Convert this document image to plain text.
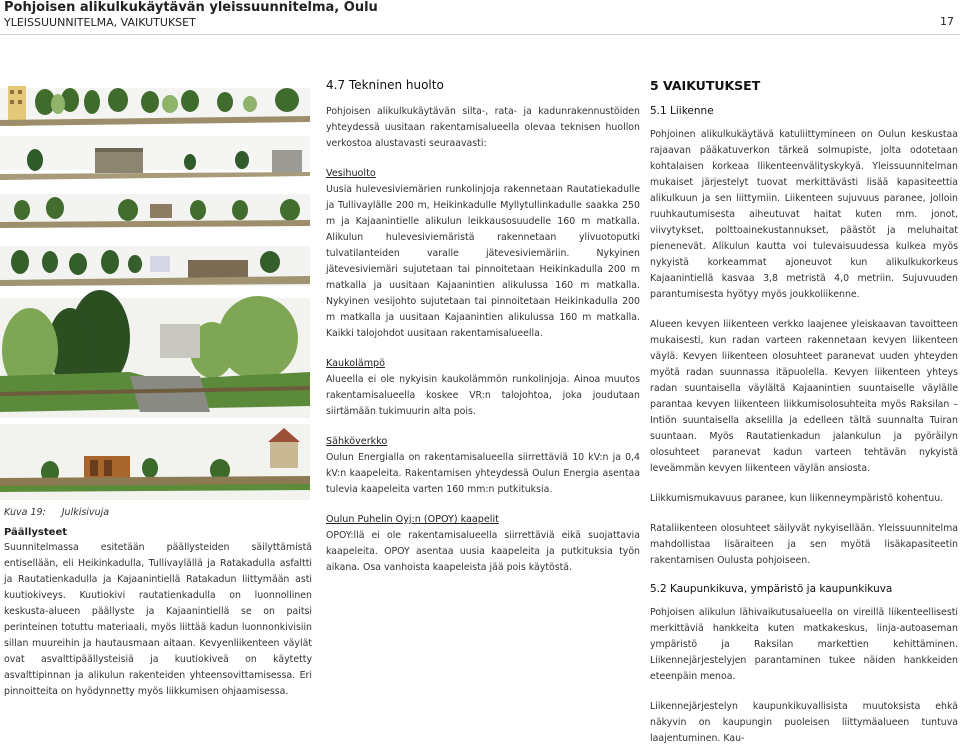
Pohjoisen alikulkukäytävän yleissuunnitelma, Oulu
YLEISSUUNNITELMA, VAIKUTUKSET	17
Kuva 19: Julkisivuja
Päällysteet

Suunnitelmassa esitetään päällysteiden säilyttämistä entisellään, eli Heikinkadulla, Tullivaylällä ja Ratakadulla asfaltti ja Rautatienkadulla ja Kajaanintiellä Ratakadun liittymään asti kuutiokiveys. Kuutiokivi rautatienkadulla on luonnollinen keskusta-alueen päällyste ja Kajaanintiellä se on paitsi perinteinen totuttu materiaali, myös liittää kadun luonnonkivisiin sillan muureihin ja hautausmaan aitaan. Kevyenliikenteen väylät ovat asvalttipäällysteisiä ja kuutiokiveä on käytetty asvalttipinnan ja alikulun rakenteiden yhteensovittamisessa. Eri pinnoitteita on hyödynnetty myös liikkumisen ohjaamisessa.

4.7 Tekninen huolto

Pohjoisen alikulkukäytävän silta-, rata- ja kadunrakennustöiden yhteydessä uusitaan rakentamisalueella olevaa teknisen huollon verkostoa alustavasti seuraavasti:

Vesihuolto

Uusia hulevesiviemärien runkolinjoja rakennetaan Rautatiekadulle ja Tullivaylälle 200 m, Heikinkadulle Myllytullinkadulle saakka 250 m ja Kajaanintielle alikulun leikkausosuudelle 160 m matkalla. Alikulun hulevesiviemäristä rakennetaan ylivuotoputki tulvatilanteiden varalle jätevesiviemäriin. Nykyinen jätevesiviemäri sujutetaan tai pinnoitetaan Heikinkadulla 200 m matkalla ja uusitaan Kajaanintien alikulussa 160 m matkalla. Nykyinen vesijohto sujutetaan tai pinnoitetaan Heikinkadulla 200 m matkalla ja uusitaan Kajaanintien alikulussa 160 m matkalla. Kaikki talojohdot uusitaan rakentamisalueella.

Kaukolämpö

Alueella ei ole nykyisin kaukolämmön runkolinjoja. Ainoa muutos rakentamisalueella koskee VR:n talojohtoa, joka joudutaan siirtämään tukimuurin alta pois.

Sähköverkko

Oulun Energialla on rakentamisalueella siirrettäviä 10 kV:n ja 0,4 kV:n kaapeleita. Rakentamisen yhteydessä Oulun Energia asentaa tulevia kaapeleita varten 160 mm:n putkituksia.

Oulun Puhelin Oyj:n (OPOY) kaapelit

OPOY:llä ei ole rakentamisalueella siirrettäviä eikä suojattavia kaapeleita. OPOY asentaa uusia kaapeleita ja putkituksia työn aikana. Osa vanhoista kaapeleista jää pois käytöstä.

5 VAIKUTUKSET
5.1 Liikenne

Pohjoinen alikulkukäytävä katuliittymineen on Oulun keskustaa rajaavan pääkatuverkon tärkeä solmupiste, jolta odotetaan kohtalaisen korkeaa liikenteenvälityskykyä. Yleissuunnitelman mukaiset järjestelyt tuovat merkittävästi lisää kapasiteettia alikulkuun ja sen liittymiin. Liikenteen sujuvuus paranee, jolloin ruuhkautumisesta aiheutuvat haitat kuten mm. jonot, viivytykset, polttoainekustannukset, päästöt ja meluhaitat pienenevät. Alikulun kautta voi tulevaisuudessa kulkea myös nykyistä korkeammat ajoneuvot kun alikulkukorkeus Kajaanintiellä kasvaa 3,8 metristä 4,0 metriin. Sujuvuuden parantumisesta hyötyy myös joukkoliikenne.

Alueen kevyen liikenteen verkko laajenee yleiskaavan tavoitteen mukaisesti, kun radan varteen rakennetaan kevyen liikenteen väylä. Kevyen liikenteen olosuhteet paranevat uuden yhteyden myötä radan suunnassa itäpuolella. Kevyen liikenteen yhteys radan suuntaisella väylältä Kajaanintien suuntaiselle väylälle parantaa kevyen liikenteen liikkumisolosuhteita myös Raksilan – Intiön suuntaisella akselilla ja edelleen tältä suunnalta Tuiran suuntaan. Myös Rautatienkadun jalankulun ja pyöräilyn olosuhteet paranevat kadun varteen tehtävän nykyistä leveämmän kevyen liikenteen väylän ansiosta.

Liikkumismukavuus paranee, kun liikenneympäristö kohentuu.

Rataliikenteen olosuhteet säilyvät nykyisellään. Yleissuunnitelma mahdollistaa lisäraiteen ja sen myötä lisäkapasiteetin rakentamisen Oulusta pohjoiseen.

5.2 Kaupunkikuva, ympäristö ja kaupunkikuva

Pohjoisen alikulun lähivaikutusalueella on vireillä liikenteellisesti merkittäviä hankkeita kuten matkakeskus, linja-autoaseman ympäristö ja Raksilan markettien kehittäminen. Liikennejärjestelyjen parantaminen tukee näiden hankkeiden eteenpäin menoa.

Liikennejärjestelyn kaupunkikuvallisista muutoksista ehkä näkyvin on kaupungin puoleisen liittymäalueen tuntuva laajentuminen. Kau-
